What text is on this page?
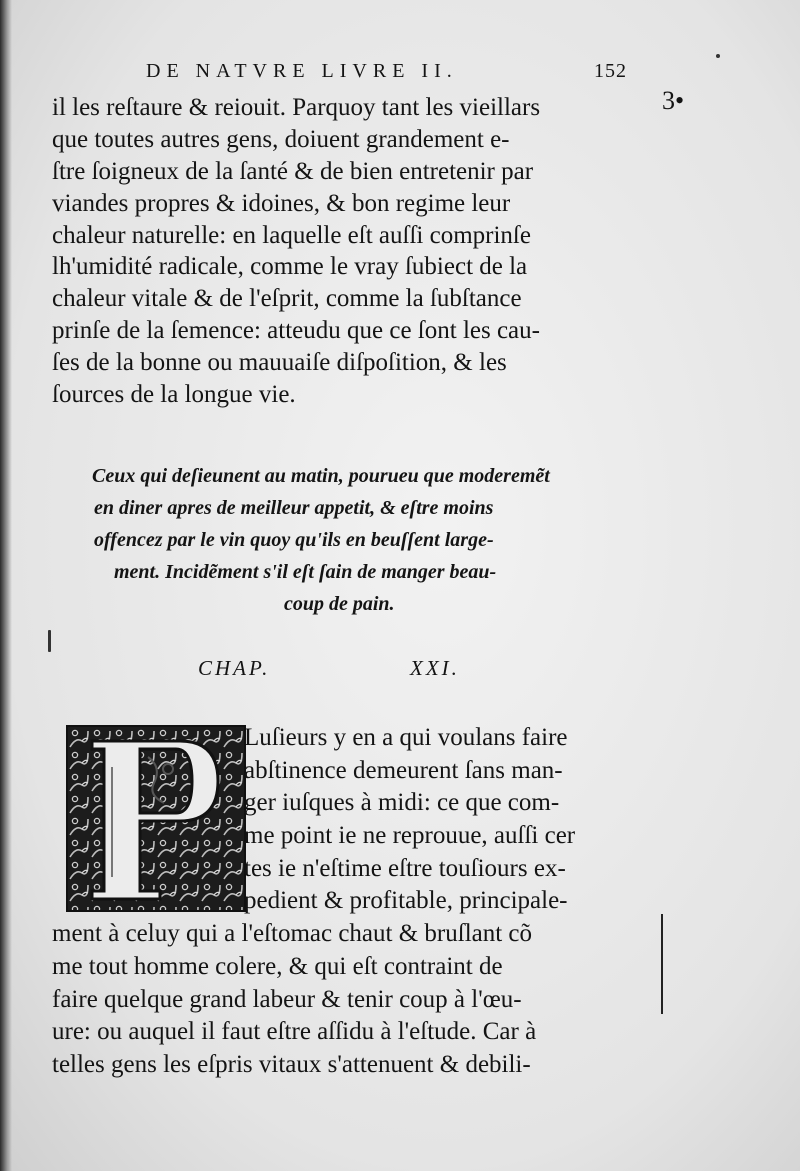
DE NATVRE LIVRE II.	152
3•
il les reſtaure & reiouit. Parquoy tant les vieillars
que toutes autres gens, doiuent grandement e-
ſtre ſoigneux de la ſanté & de bien entretenir par
viandes propres & idoines, & bon regime leur
chaleur naturelle: en laquelle eſt auſſi comprinſe
lh'umidité radicale, comme le vray ſubiect de la
chaleur vitale & de l'eſprit, comme la ſubſtance
prinſe de la ſemence: atteudu que ce ſont les cau-
ſes de la bonne ou mauuaiſe diſpoſition, & les
ſources de la longue vie.
Ceux qui deſieunent au matin, pourueu que moderemẽt
en diner apres de meilleur appetit, & eſtre moins
offencez par le vin quoy qu'ils en beuſſent large-
ment. Incidẽment s'il eſt ſain de manger beau-
coup de pain.
CHAP.	XXI.
Luſieurs y en a qui voulans faire
abſtinence demeurent ſans man-
ger iuſques à midi: ce que com-
me point ie ne reprouue, auſſi cer
tes ie n'eſtime eſtre touſiours ex-
pedient & profitable, principale-
ment à celuy qui a l'eſtomac chaut & bruſlant cõ
me tout homme colere, & qui eſt contraint de
faire quelque grand labeur & tenir coup à l'œu-
ure: ou auquel il faut eſtre aſſidu à l'eſtude. Car à
telles gens les eſpris vitaux s'attenuent & debili-
